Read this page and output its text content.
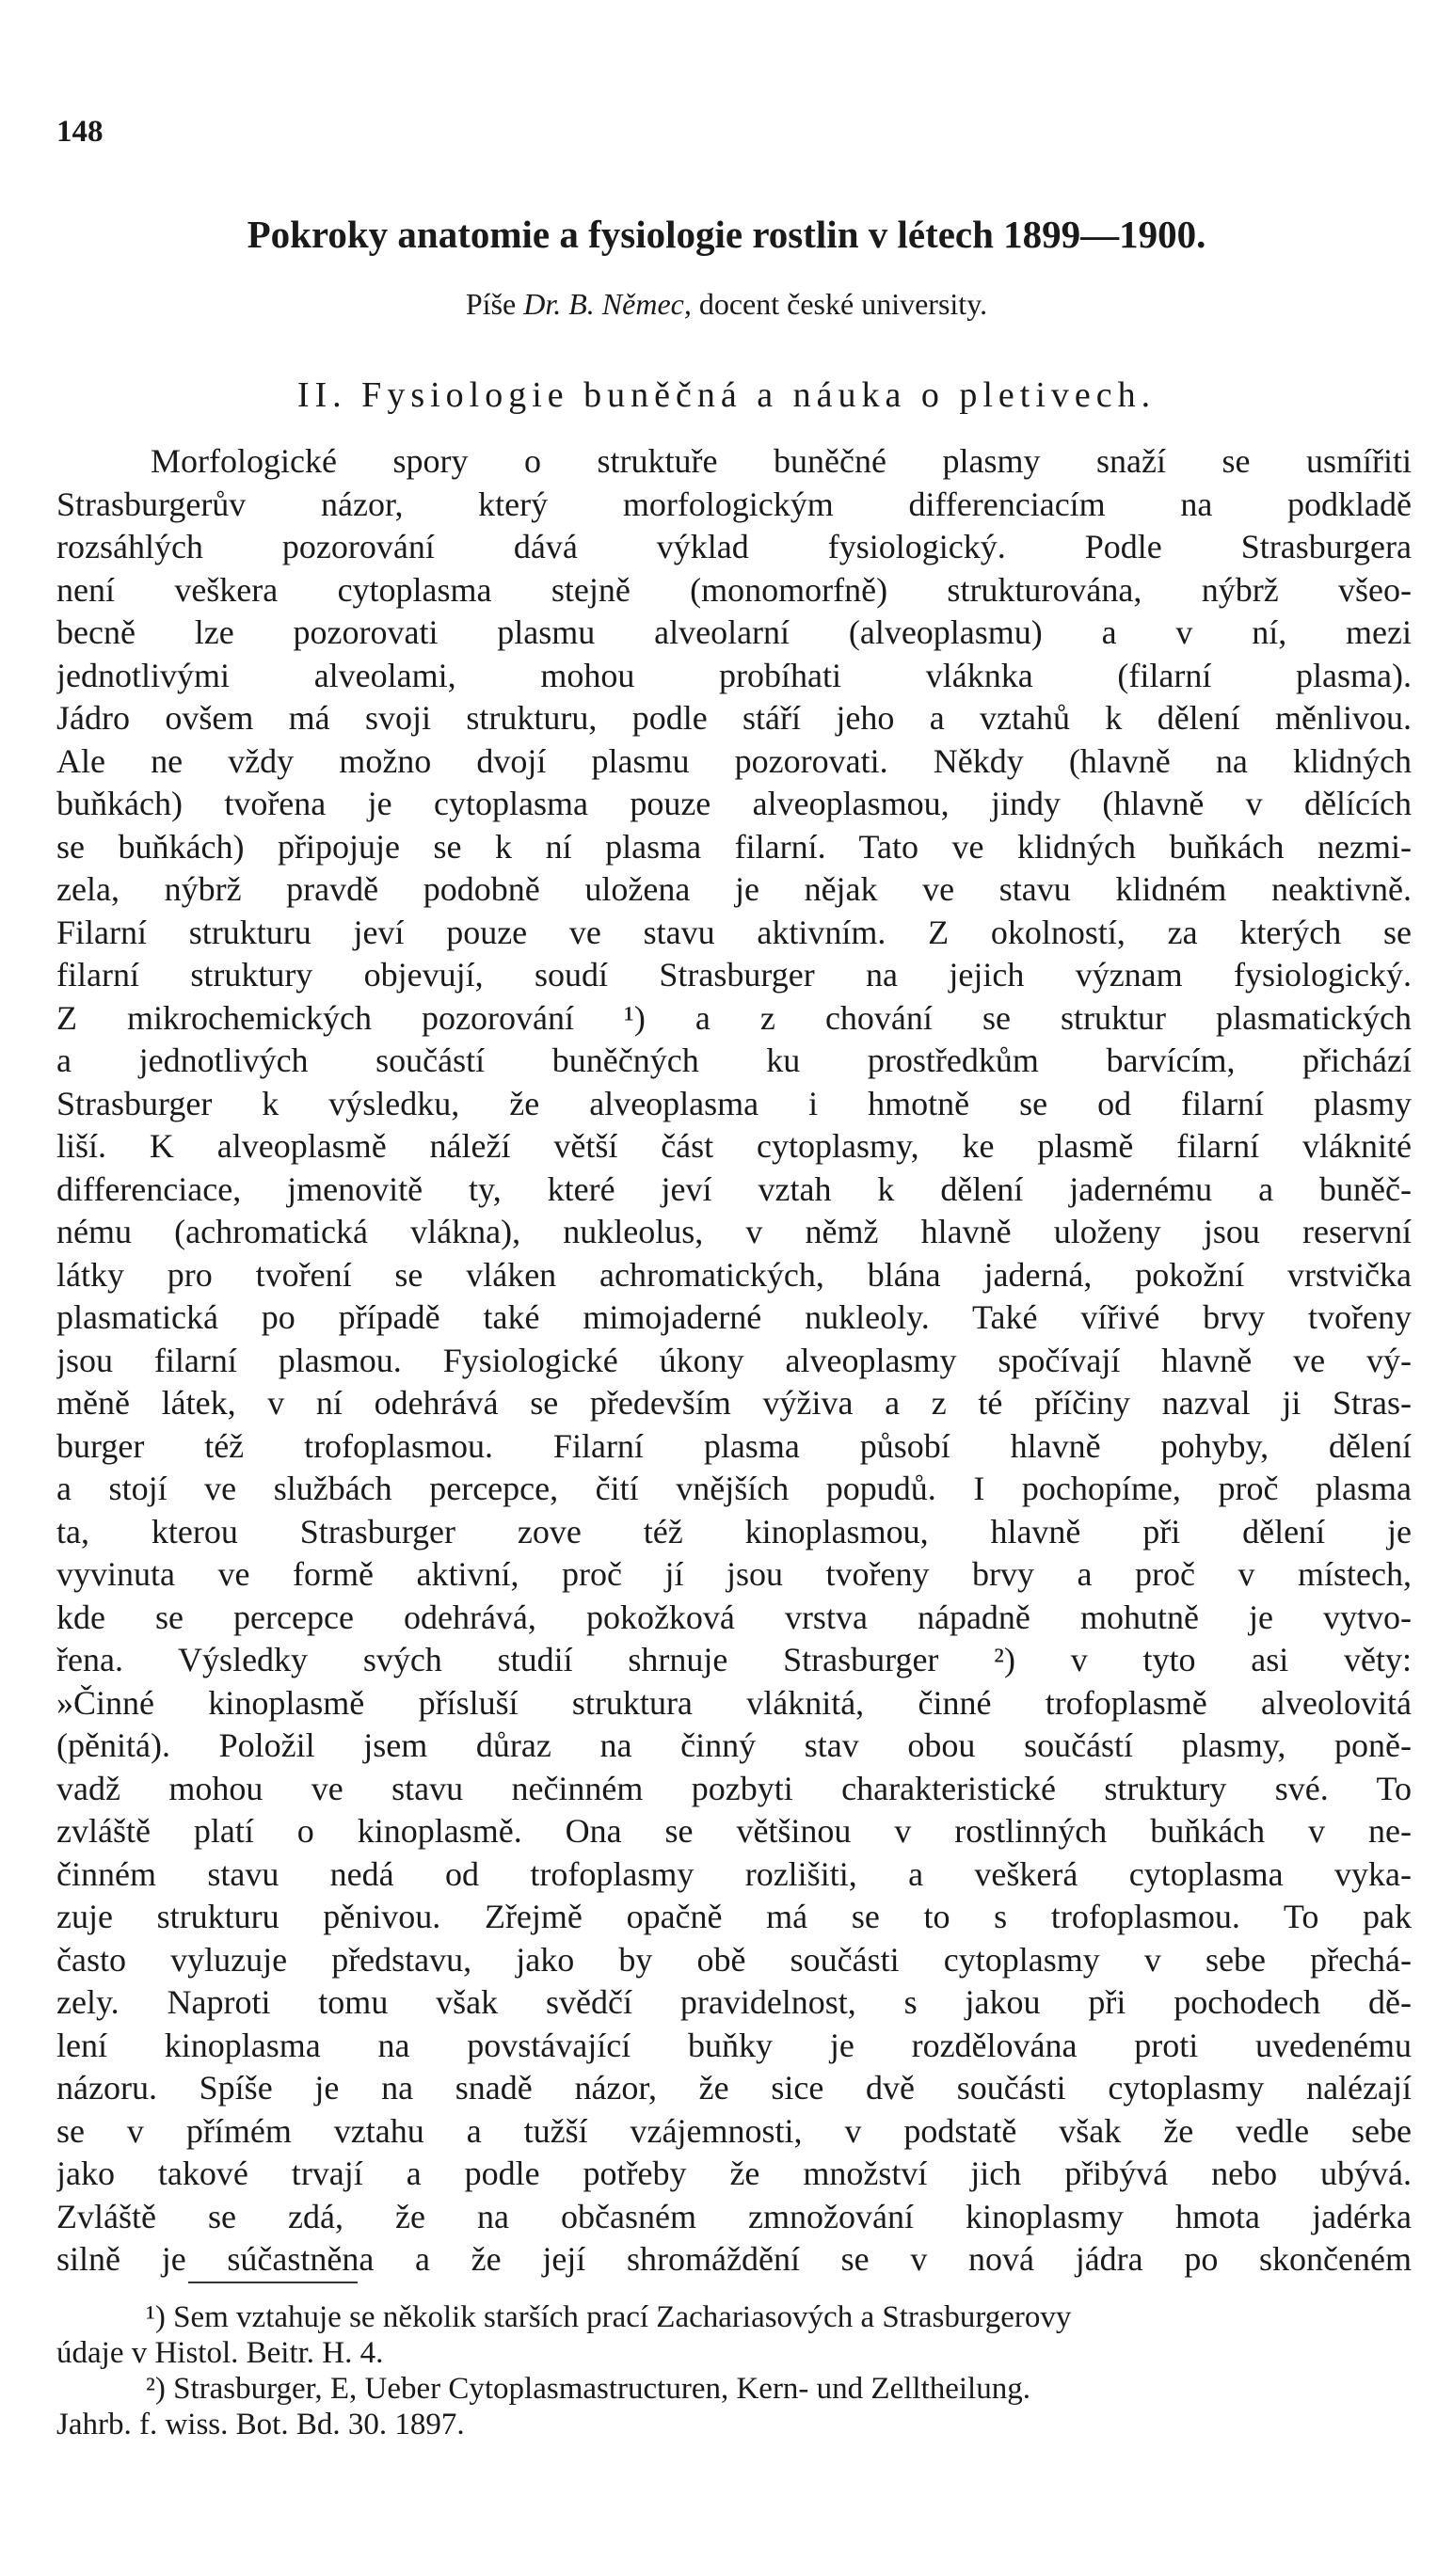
148
Pokroky anatomie a fysiologie rostlin v létech 1899—1900.
Píše Dr. B. Němec, docent české university.
II. Fysiologie buněčná a náuka o pletivech.
Morfologické spory o struktuře buněčné plasmy snaží se usmířiti
Strasburgerův názor, který morfologickým differenciacím na podkladě
rozsáhlých pozorování dává výklad fysiologický. Podle Strasburgera
není veškera cytoplasma stejně (monomorfně) strukturována, nýbrž všeo-
becně lze pozorovati plasmu alveolarní (alveoplasmu) a v ní, mezi
jednotlivými alveolami, mohou probíhati vláknka (filarní plasma).
Jádro ovšem má svoji strukturu, podle stáří jeho a vztahů k dělení měnlivou.
Ale ne vždy možno dvojí plasmu pozorovati. Někdy (hlavně na klidných
buňkách) tvořena je cytoplasma pouze alveoplasmou, jindy (hlavně v dělících
se buňkách) připojuje se k ní plasma filarní. Tato ve klidných buňkách nezmi-
zela, nýbrž pravdě podobně uložena je nějak ve stavu klidném neaktivně.
Filarní strukturu jeví pouze ve stavu aktivním. Z okolností, za kterých se
filarní struktury objevují, soudí Strasburger na jejich význam fysiologický.
Z mikrochemických pozorování ¹) a z chování se struktur plasmatických
a jednotlivých součástí buněčných ku prostředkům barvícím, přichází
Strasburger k výsledku, že alveoplasma i hmotně se od filarní plasmy
liší. K alveoplasmě náleží větší část cytoplasmy, ke plasmě filarní vláknité
differenciace, jmenovitě ty, které jeví vztah k dělení jadernému a buněč-
nému (achromatická vlákna), nukleolus, v němž hlavně uloženy jsou reservní
látky pro tvoření se vláken achromatických, blána jaderná, pokožní vrstvička
plasmatická po případě také mimojaderné nukleoly. Také vířivé brvy tvořeny
jsou filarní plasmou. Fysiologické úkony alveoplasmy spočívají hlavně ve vý-
měně látek, v ní odehrává se především výživa a z té příčiny nazval ji Stras-
burger též trofoplasmou. Filarní plasma působí hlavně pohyby, dělení
a stojí ve službách percepce, čití vnějších popudů. I pochopíme, proč plasma
ta, kterou Strasburger zove též kinoplasmou, hlavně při dělení je
vyvinuta ve formě aktivní, proč jí jsou tvořeny brvy a proč v místech,
kde se percepce odehrává, pokožková vrstva nápadně mohutně je vytvo-
řena. Výsledky svých studií shrnuje Strasburger ²) v tyto asi věty:
»Činné kinoplasmě přísluší struktura vláknitá, činné trofoplasmě alveolovitá
(pěnitá). Položil jsem důraz na činný stav obou součástí plasmy, poně-
vadž mohou ve stavu nečinném pozbyti charakteristické struktury své. To
zvláště platí o kinoplasmě. Ona se většinou v rostlinných buňkách v ne-
činném stavu nedá od trofoplasmy rozlišiti, a veškerá cytoplasma vyka-
zuje strukturu pěnivou. Zřejmě opačně má se to s trofoplasmou. To pak
často vyluzuje představu, jako by obě součásti cytoplasmy v sebe přechá-
zely. Naproti tomu však svědčí pravidelnost, s jakou při pochodech dě-
lení kinoplasma na povstávající buňky je rozdělována proti uvedenému
názoru. Spíše je na snadě názor, že sice dvě součásti cytoplasmy nalézají
se v přímém vztahu a tužší vzájemnosti, v podstatě však že vedle sebe
jako takové trvají a podle potřeby že množství jich přibývá nebo ubývá.
Zvláště se zdá, že na občasném zmnožování kinoplasmy hmota jadérka
silně je súčastněna a že její shromáždění se v nová jádra po skončeném
¹) Sem vztahuje se několik starších prací Zachariasových a Strasburgerovy
údaje v Histol. Beitr. H. 4.
²) Strasburger, E, Ueber Cytoplasmastructuren, Kern- und Zelltheilung.
Jahrb. f. wiss. Bot. Bd. 30. 1897.
